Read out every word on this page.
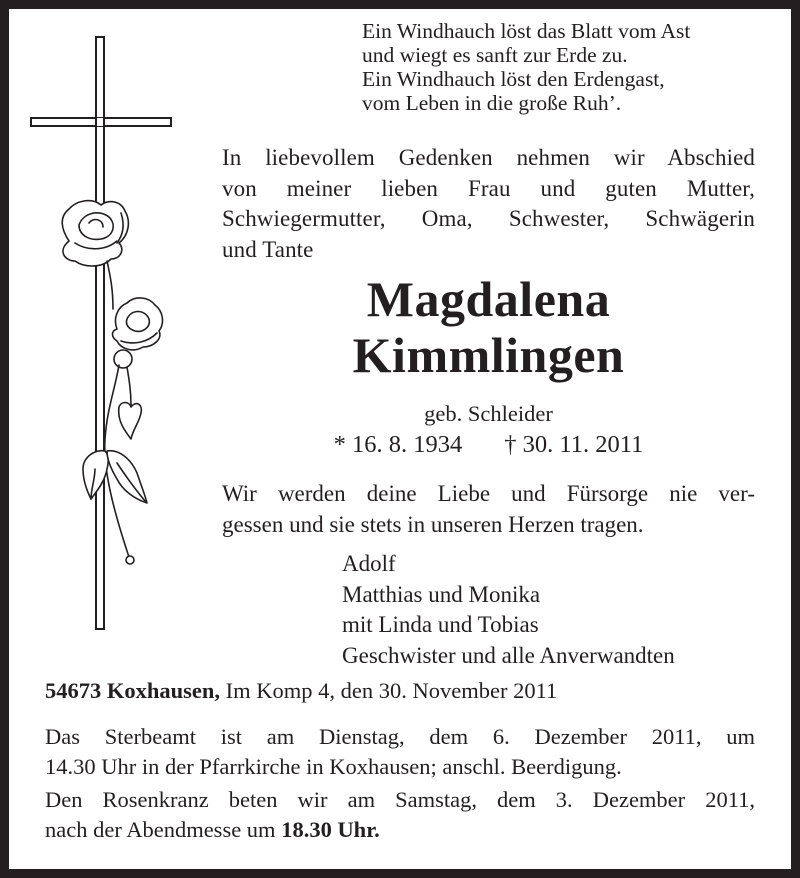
Ein Windhauch löst das Blatt vom Ast
und wiegt es sanft zur Erde zu.
Ein Windhauch löst den Erdengast,
vom Leben in die große Ruh’.
In liebevollem Gedenken nehmen wir Abschied
von meiner lieben Frau und guten Mutter,
Schwiegermutter, Oma, Schwester, Schwägerin
und Tante
Magdalena
Kimmlingen
geb. Schleider
* 16. 8. 1934 † 30. 11. 2011
Wir werden deine Liebe und Fürsorge nie ver-
gessen und sie stets in unseren Herzen tragen.
Adolf
Matthias und Monika
mit Linda und Tobias
Geschwister und alle Anverwandten
54673 Koxhausen, Im Komp 4, den 30. November 2011
Das Sterbeamt ist am Dienstag, dem 6. Dezember 2011, um
14.30 Uhr in der Pfarrkirche in Koxhausen; anschl. Beerdigung.
Den Rosenkranz beten wir am Samstag, dem 3. Dezember 2011,
nach der Abendmesse um 18.30 Uhr.
